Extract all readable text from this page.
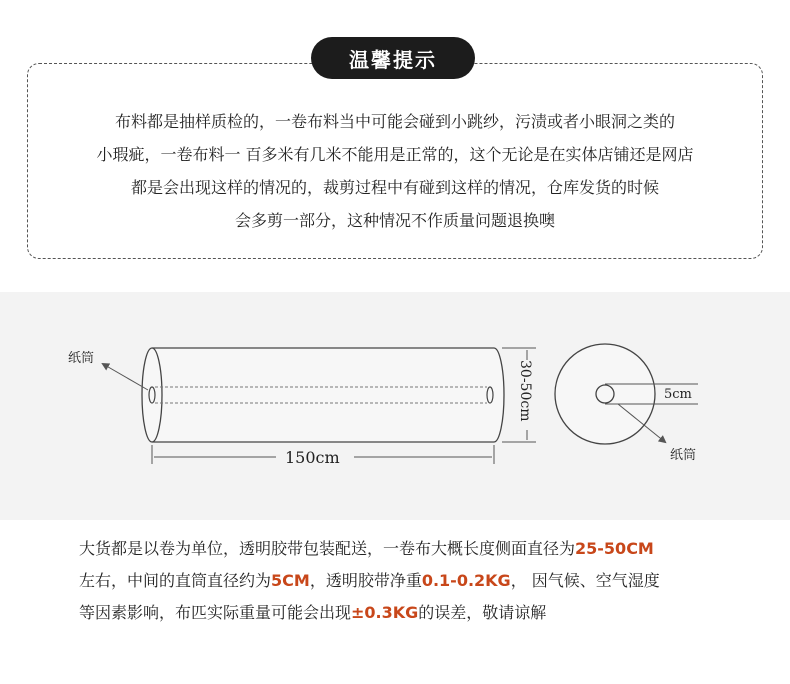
温馨提示
布料都是抽样质检的，一卷布料当中可能会碰到小跳纱，污渍或者小眼洞之类的
小瑕疵，一卷布料一 百多米有几米不能用是正常的，这个无论是在实体店铺还是网店
都是会出现这样的情况的，裁剪过程中有碰到这样的情况，仓库发货的时候
会多剪一部分，这种情况不作质量问题退换噢
纸筒
150cm
30-50cm	5cm
纸筒
大货都是以卷为单位，透明胶带包装配送，一卷布大概长度侧面直径为25-50CM
左右，中间的直筒直径约为5CM，透明胶带净重0.1-0.2KG， 因气候、空气湿度
等因素影响，布匹实际重量可能会出现±0.3KG的误差，敬请谅解
